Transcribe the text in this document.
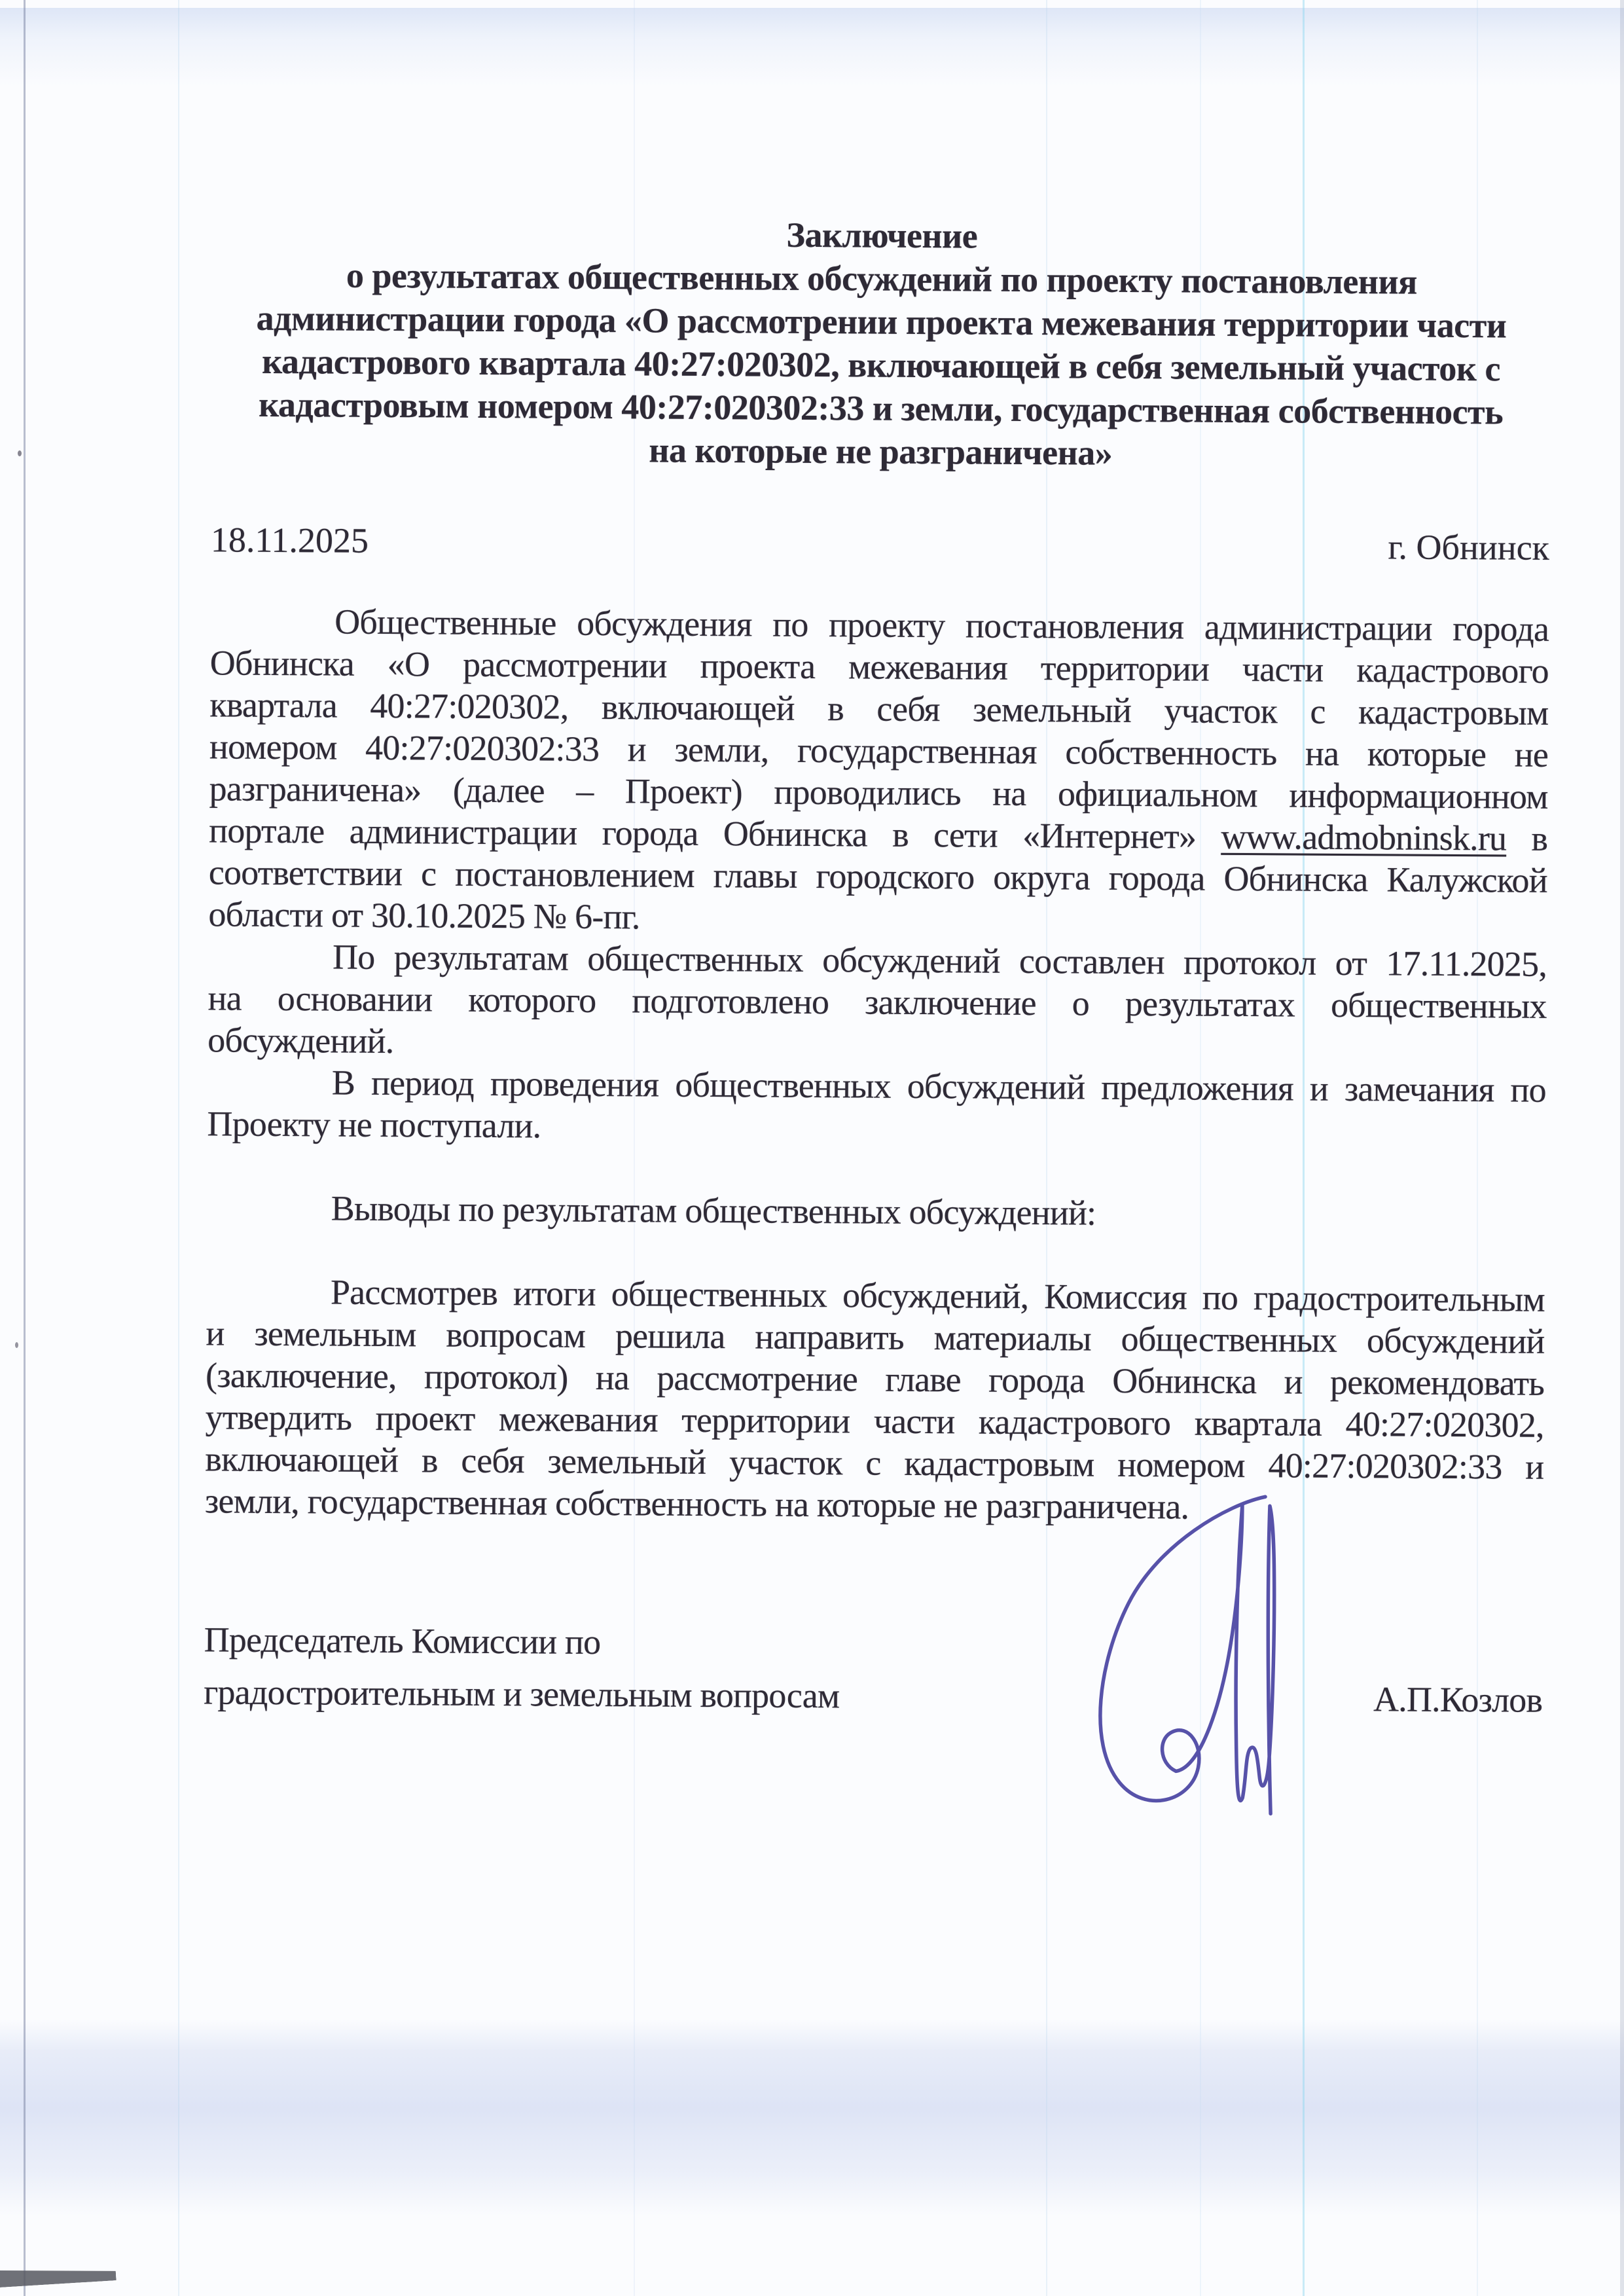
Заключение
о результатах общественных обсуждений по проекту постановления
администрации города «О рассмотрении проекта межевания территории части
кадастрового квартала 40:27:020302, включающей в себя земельный участок с
кадастровым номером 40:27:020302:33 и земли, государственная собственность
на которые не разграничена»
18.11.2025	г. Обнинск
Общественные обсуждения по проекту постановления администрации города
Обнинска «О рассмотрении проекта межевания территории части кадастрового
квартала 40:27:020302, включающей в себя земельный участок с кадастровым
номером 40:27:020302:33 и земли, государственная собственность на которые не
разграничена» (далее – Проект) проводились на официальном информационном
портале администрации города Обнинска в сети «Интернет» www.admobninsk.ru в
соответствии с постановлением главы городского округа города Обнинска Калужской
области от 30.10.2025 № 6-пг.
По результатам общественных обсуждений составлен протокол от 17.11.2025,
на основании которого подготовлено заключение о результатах общественных
обсуждений.
В период проведения общественных обсуждений предложения и замечания по
Проекту не поступали.
Выводы по результатам общественных обсуждений:
Рассмотрев итоги общественных обсуждений, Комиссия по градостроительным
и земельным вопросам решила направить материалы общественных обсуждений
(заключение, протокол) на рассмотрение главе города Обнинска и рекомендовать
утвердить проект межевания территории части кадастрового квартала 40:27:020302,
включающей в себя земельный участок с кадастровым номером 40:27:020302:33 и
земли, государственная собственность на которые не разграничена.
Председатель Комиссии по
градостроительным и земельным вопросам	А.П.Козлов
